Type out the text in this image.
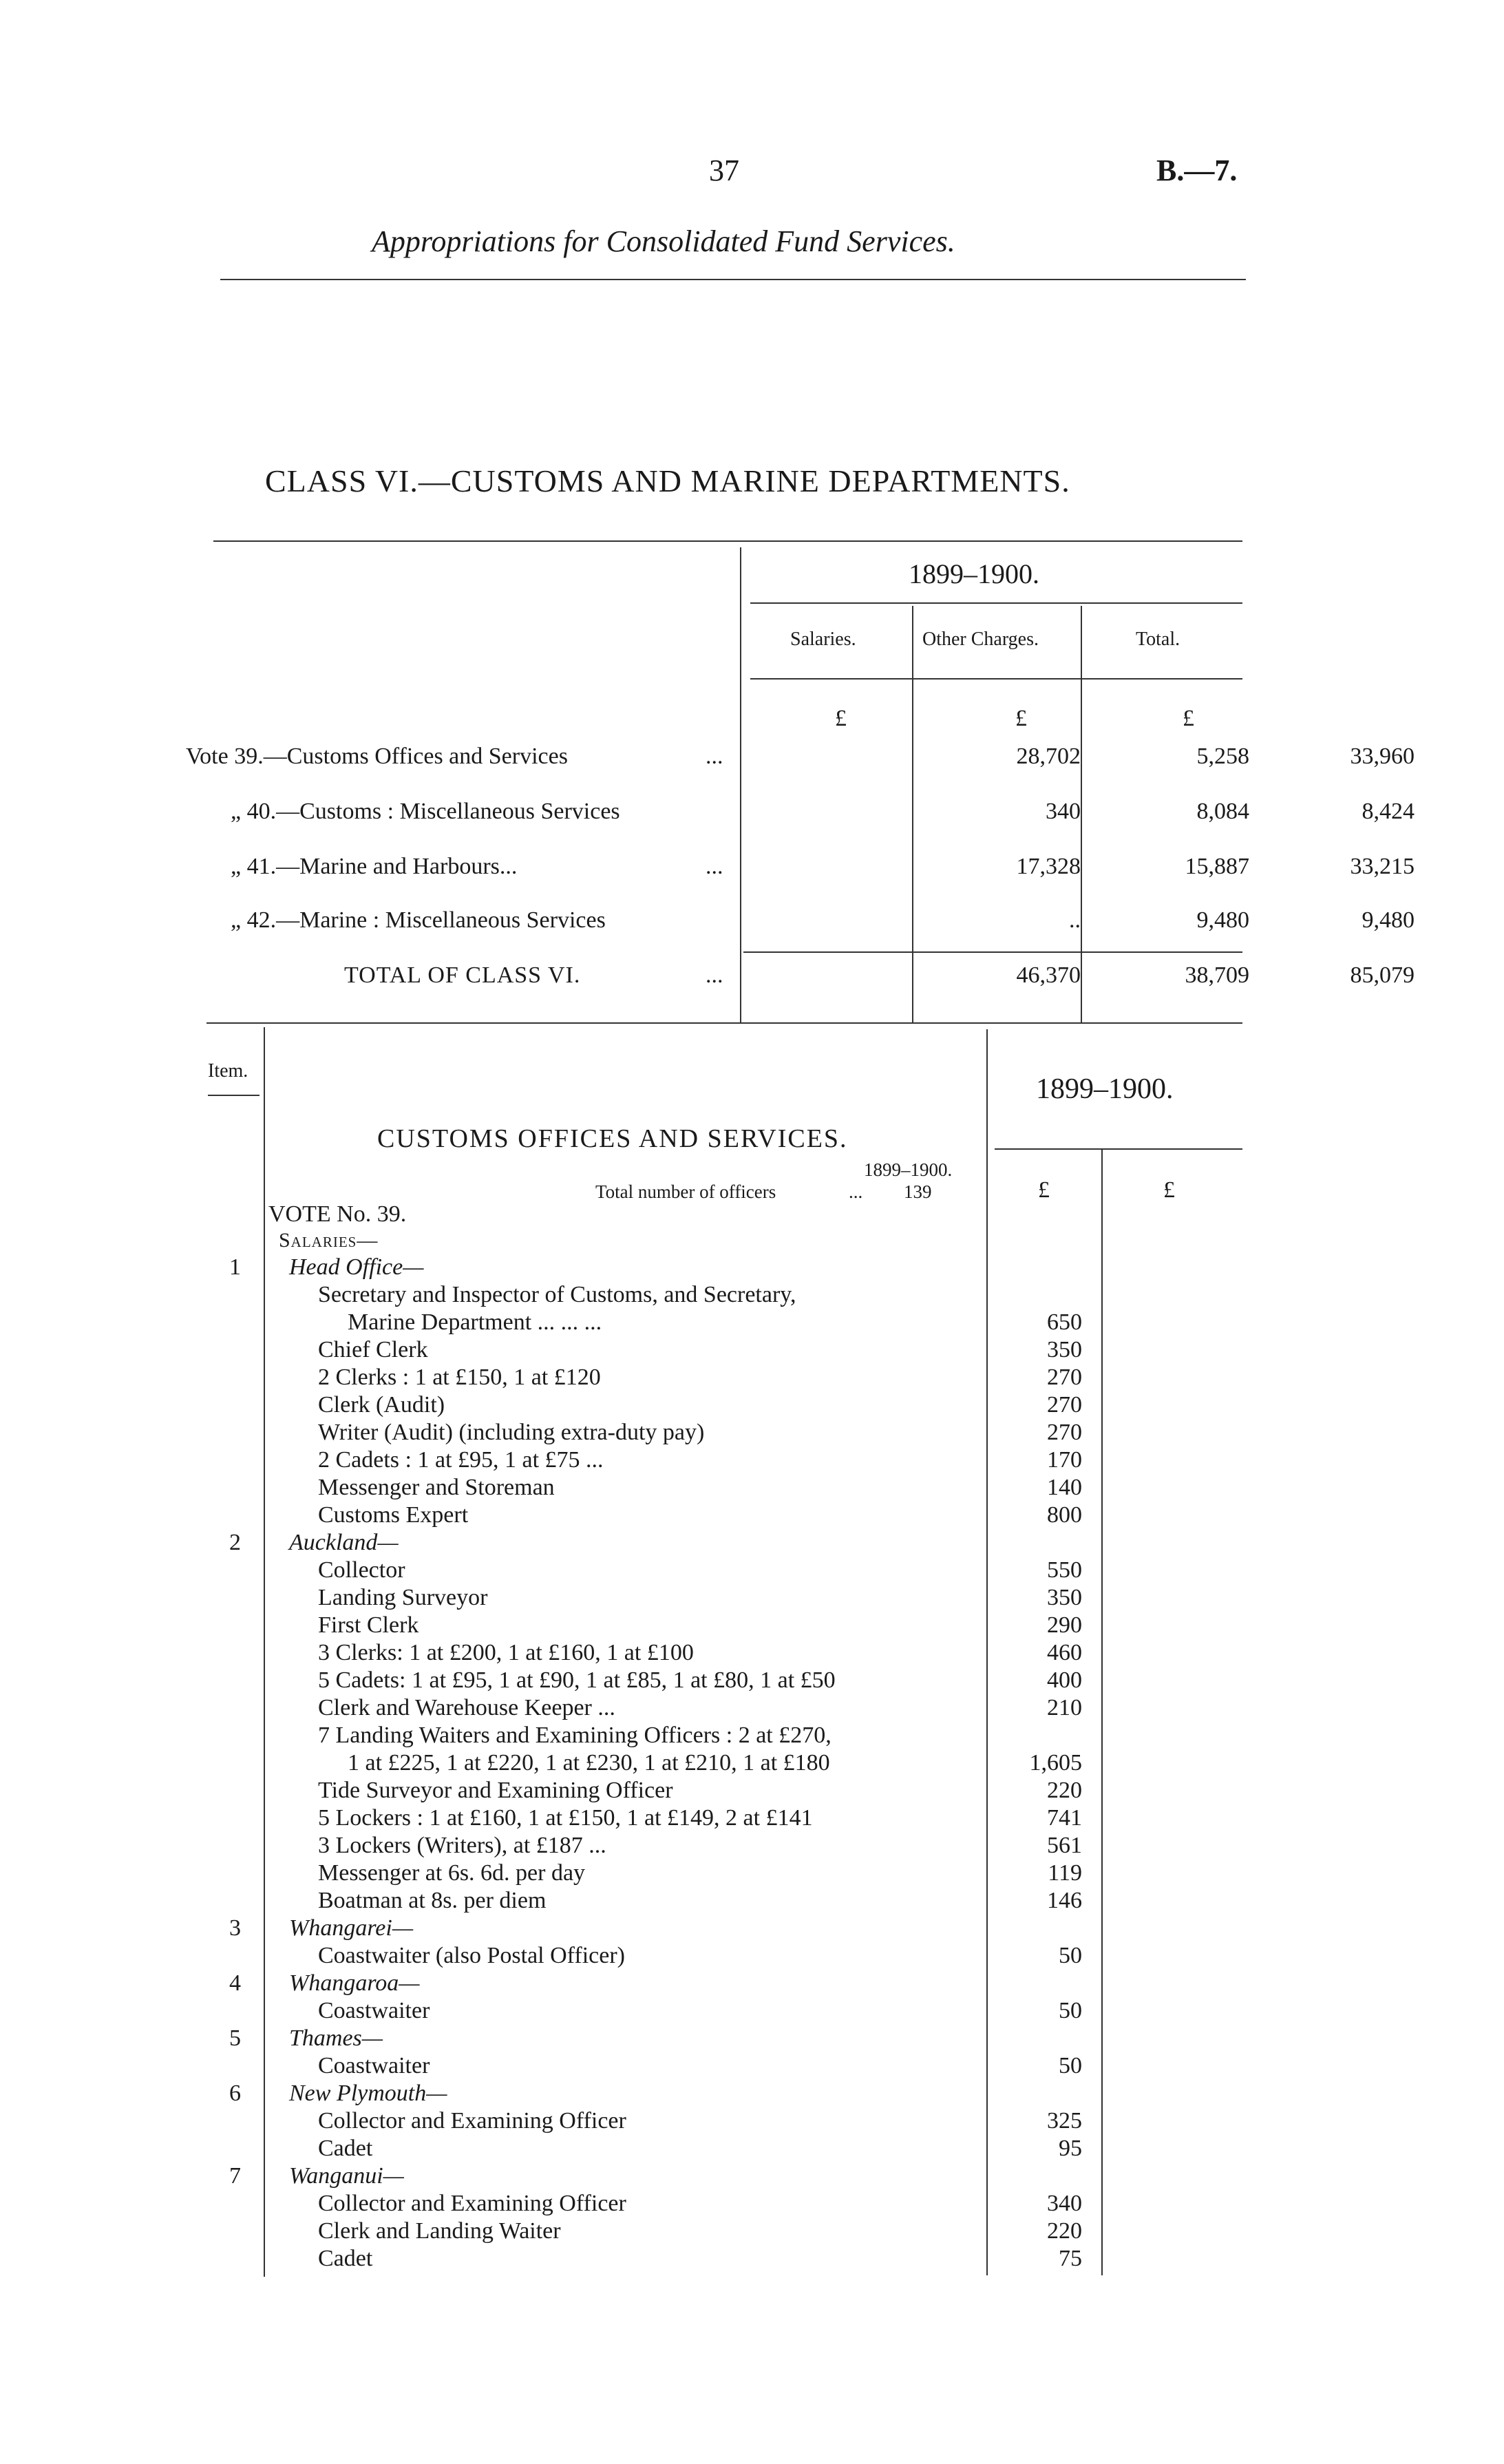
37	B.—7.
Appropriations for Consolidated Fund Services.
CLASS VI.—CUSTOMS AND MARINE DEPARTMENTS.
1899–1900.
Salaries.	Other Charges.	Total.
£	£	£
Vote 39.—Customs Offices and Services	...	28,702	5,258	33,960
„ 40.—Customs : Miscellaneous Services	340	8,084	8,424
„ 41.—Marine and Harbours...	...	17,328	15,887	33,215
„ 42.—Marine : Miscellaneous Services	..	9,480	9,480
TOTAL OF CLASS VI.	...	46,370	38,709	85,079
Item.
1899–1900.
£	£
CUSTOMS OFFICES AND SERVICES.
1899–1900.
Total number of officers	... 139
VOTE No. 39.
Salaries—
1 Head Office—
Secretary and Inspector of Customs, and Secretary,
Marine Department ... ... ...	650
Chief Clerk	350
2 Clerks : 1 at £150, 1 at £120	270
Clerk (Audit)	270
Writer (Audit) (including extra-duty pay)	270
2 Cadets : 1 at £95, 1 at £75 ...	170
Messenger and Storeman	140
Customs Expert	800
2 Auckland—
Collector	550
Landing Surveyor	350
First Clerk	290
3 Clerks: 1 at £200, 1 at £160, 1 at £100	460
5 Cadets: 1 at £95, 1 at £90, 1 at £85, 1 at £80, 1 at £50	400
Clerk and Warehouse Keeper ...	210
7 Landing Waiters and Examining Officers : 2 at £270,
1 at £225, 1 at £220, 1 at £230, 1 at £210, 1 at £180	1,605
Tide Surveyor and Examining Officer	220
5 Lockers : 1 at £160, 1 at £150, 1 at £149, 2 at £141	741
3 Lockers (Writers), at £187 ...	561
Messenger at 6s. 6d. per day	119
Boatman at 8s. per diem	146
3 Whangarei—
Coastwaiter (also Postal Officer)	50
4 Whangaroa—
Coastwaiter	50
5 Thames—
Coastwaiter	50
6 New Plymouth—
Collector and Examining Officer	325
Cadet	95
7 Wanganui—
Collector and Examining Officer	340
Clerk and Landing Waiter	220
Cadet	75
